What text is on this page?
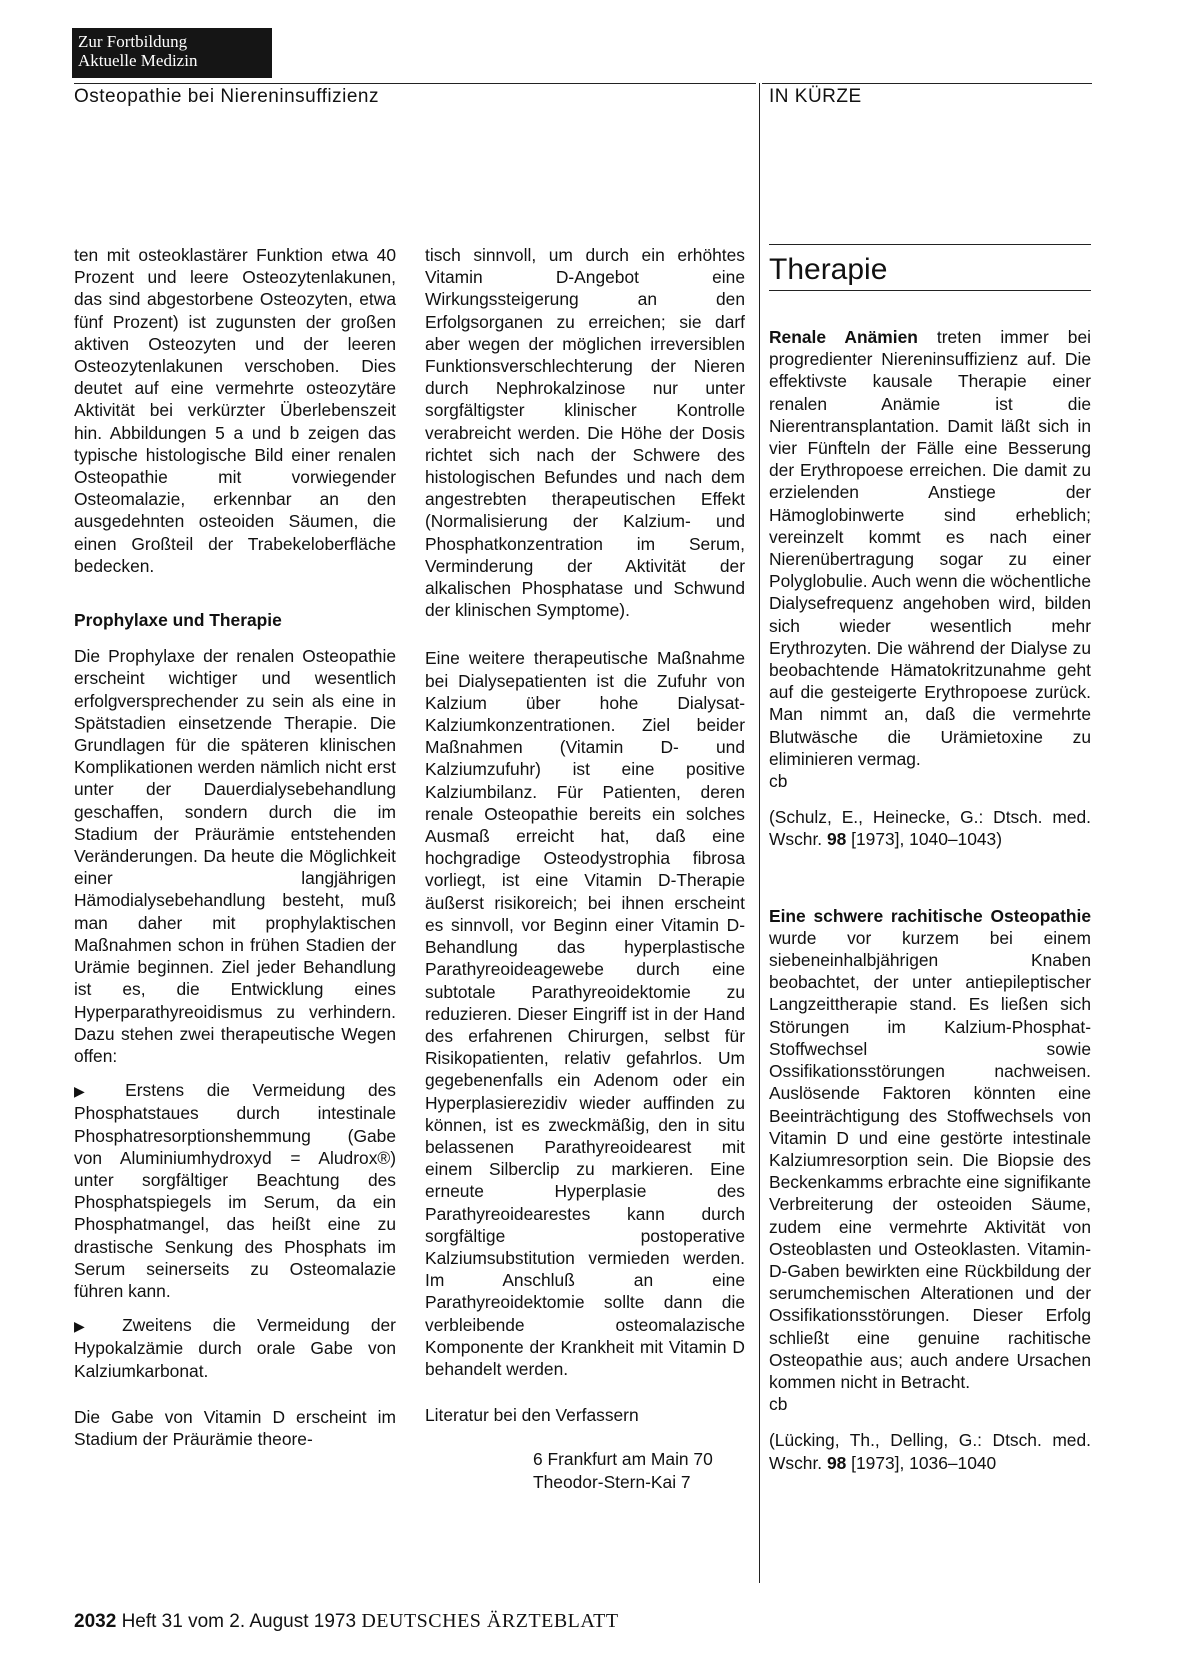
Zur Fortbildung
Aktuelle Medizin
Osteopathie bei Niereninsuffizienz	IN KÜRZE

ten mit osteoklastärer Funktion etwa 40 Prozent und leere Osteozytenlakunen, das sind abgestorbene Osteozyten, etwa fünf Prozent) ist zugunsten der großen aktiven Osteozyten und der leeren Osteozytenlakunen verschoben. Dies deutet auf eine vermehrte osteozytäre Aktivität bei verkürzter Überlebenszeit hin. Abbildungen 5 a und b zeigen das typische histologische Bild einer renalen Osteopathie mit vorwiegender Osteomalazie, erkennbar an den ausgedehnten osteoiden Säumen, die einen Großteil der Trabekeloberfläche bedecken.

Prophylaxe und Therapie

Die Prophylaxe der renalen Osteopathie erscheint wichtiger und wesentlich erfolgversprechender zu sein als eine in Spätstadien einsetzende Therapie. Die Grundlagen für die späteren klinischen Komplikationen werden nämlich nicht erst unter der Dauerdialysebehandlung geschaffen, sondern durch die im Stadium der Präurämie entstehenden Veränderungen. Da heute die Möglichkeit einer langjährigen Hämodialysebehandlung besteht, muß man daher mit prophylaktischen Maßnahmen schon in frühen Stadien der Urämie beginnen. Ziel jeder Behandlung ist es, die Entwicklung eines Hyperparathyreoidismus zu verhindern. Dazu stehen zwei therapeutische Wegen offen:

▶ Erstens die Vermeidung des Phosphatstaues durch intestinale Phosphatresorptionshemmung (Gabe von Aluminiumhydroxyd = Aludrox®) unter sorgfältiger Beachtung des Phosphatspiegels im Serum, da ein Phosphatmangel, das heißt eine zu drastische Senkung des Phosphats im Serum seinerseits zu Osteomalazie führen kann.

▶ Zweitens die Vermeidung der Hypokalzämie durch orale Gabe von Kalziumkarbonat.

Die Gabe von Vitamin D erscheint im Stadium der Präurämie theore-

tisch sinnvoll, um durch ein erhöhtes Vitamin D-Angebot eine Wirkungssteigerung an den Erfolgsorganen zu erreichen; sie darf aber wegen der möglichen irreversiblen Funktionsverschlechterung der Nieren durch Nephrokalzinose nur unter sorgfältigster klinischer Kontrolle verabreicht werden. Die Höhe der Dosis richtet sich nach der Schwere des histologischen Befundes und nach dem angestrebten therapeutischen Effekt (Normalisierung der Kalzium- und Phosphatkonzentration im Serum, Verminderung der Aktivität der alkalischen Phosphatase und Schwund der klinischen Symptome).

Eine weitere therapeutische Maßnahme bei Dialysepatienten ist die Zufuhr von Kalzium über hohe Dialysat-Kalziumkonzentrationen. Ziel beider Maßnahmen (Vitamin D- und Kalziumzufuhr) ist eine positive Kalziumbilanz. Für Patienten, deren renale Osteopathie bereits ein solches Ausmaß erreicht hat, daß eine hochgradige Osteodystrophia fibrosa vorliegt, ist eine Vitamin D-Therapie äußerst risikoreich; bei ihnen erscheint es sinnvoll, vor Beginn einer Vitamin D-Behandlung das hyperplastische Parathyreoideagewebe durch eine subtotale Parathyreoidektomie zu reduzieren. Dieser Eingriff ist in der Hand des erfahrenen Chirurgen, selbst für Risikopatienten, relativ gefahrlos. Um gegebenenfalls ein Adenom oder ein Hyperplasierezidiv wieder auffinden zu können, ist es zweckmäßig, den in situ belassenen Parathyreoidearest mit einem Silberclip zu markieren. Eine erneute Hyperplasie des Parathyreoidearestes kann durch sorgfältige postoperative Kalziumsubstitution vermieden werden. Im Anschluß an eine Parathyreoidektomie sollte dann die verbleibende osteomalazische Komponente der Krankheit mit Vitamin D behandelt werden.

Literatur bei den Verfassern

6 Frankfurt am Main 70

Theodor-Stern-Kai 7

Therapie

Renale Anämien treten immer bei progredienter Niereninsuffizienz auf. Die effektivste kausale Therapie einer renalen Anämie ist die Nierentransplantation. Damit läßt sich in vier Fünfteln der Fälle eine Besserung der Erythropoese erreichen. Die damit zu erzielenden Anstiege der Hämoglobinwerte sind erheblich; vereinzelt kommt es nach einer Nierenübertragung sogar zu einer Polyglobulie. Auch wenn die wöchentliche Dialysefrequenz angehoben wird, bilden sich wieder wesentlich mehr Erythrozyten. Die während der Dialyse zu beobachtende Hämatokritzunahme geht auf die gesteigerte Erythropoese zurück. Man nimmt an, daß die vermehrte Blutwäsche die Urämietoxine zu eliminieren vermag.

cb

(Schulz, E., Heinecke, G.: Dtsch. med. Wschr. 98 [1973], 1040–1043)

Eine schwere rachitische Osteopathie wurde vor kurzem bei einem siebeneinhalbjährigen Knaben beobachtet, der unter antiepileptischer Langzeittherapie stand. Es ließen sich Störungen im Kalzium-Phosphat-Stoffwechsel sowie Ossifikationsstörungen nachweisen. Auslösende Faktoren könnten eine Beeinträchtigung des Stoffwechsels von Vitamin D und eine gestörte intestinale Kalziumresorption sein. Die Biopsie des Beckenkamms erbrachte eine signifikante Verbreiterung der osteoiden Säume, zudem eine vermehrte Aktivität von Osteoblasten und Osteoklasten. Vitamin-D-Gaben bewirkten eine Rückbildung der serumchemischen Alterationen und der Ossifikationsstörungen. Dieser Erfolg schließt eine genuine rachitische Osteopathie aus; auch andere Ursachen kommen nicht in Betracht.

cb

(Lücking, Th., Delling, G.: Dtsch. med. Wschr. 98 [1973], 1036–1040

2032 Heft 31 vom 2. August 1973 DEUTSCHES ÄRZTEBLATT
